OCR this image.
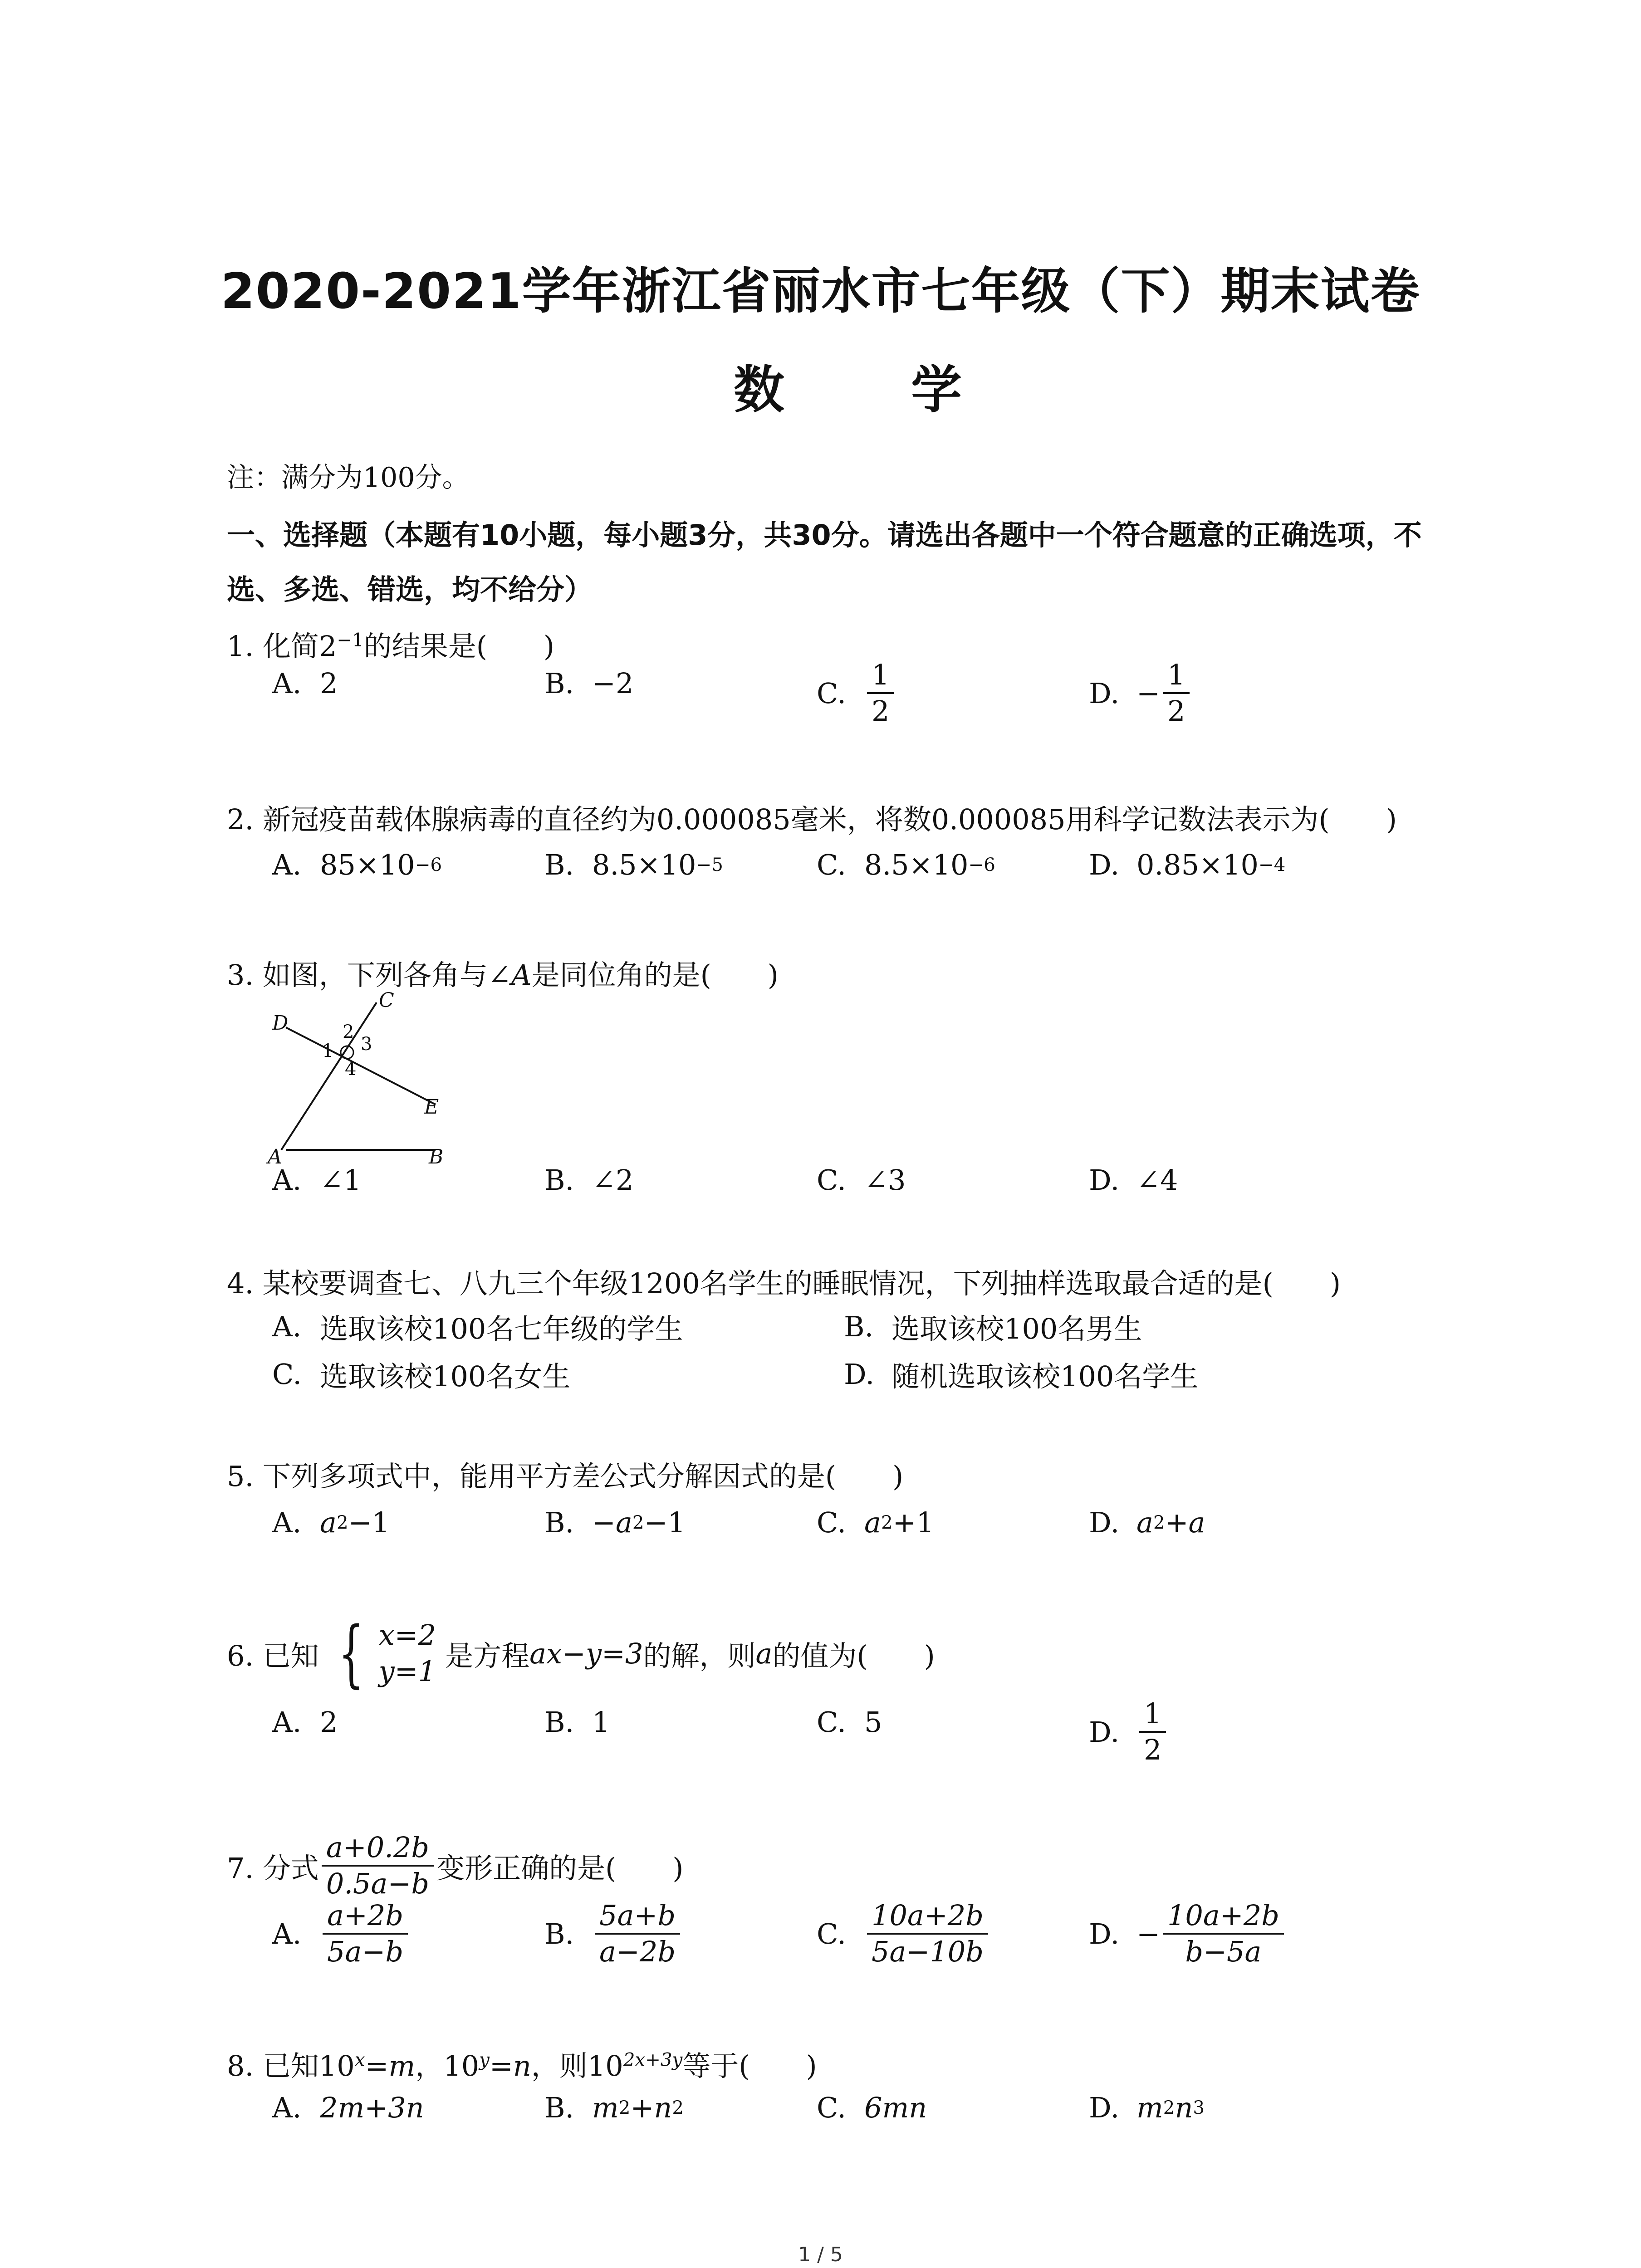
2020-2021学年浙江省丽水市七年级（下）期末试卷
数 学
注：满分为100分。
一、选择题（本题有10小题，每小题3分，共30分。请选出各题中一个符合题意的正确选项，不选、多选、错选，均不给分）
1. 化简$2^{-1}$的结果是(　　)
A. 2	B. −2	C. $\frac{1}{2}$	D. − $\frac{1}{2}$
2. 新冠疫苗载体腺病毒的直径约为0.000085毫米，将数0.000085用科学记数法表示为(　　)
A. 85×10 −6	B. 8.5×10 −5	C. 8.5×10 −6	D. 0.85×10 −4
3. 如图，下列各角与∠A是同位角的是(　　)
D
C
E
A	B
1
2
3
4
A. ∠1	B. ∠2	C. ∠3	D. ∠4
4. 某校要调查七、八九三个年级1200名学生的睡眠情况，下列抽样选取最合适的是(　　)
A. 选取该校100名七年级的学生	B. 选取该校100名男生
C. 选取该校100名女生	D. 随机选取该校100名学生
5. 下列多项式中，能用平方差公式分解因式的是(　　)
A. a 2 −1	B. −a 2 −1	C. a 2 +1	D. a 2 +a
6. 已知 { x=2
y=1 是方程 ax−y=3 的解，则 a 的值为(　　)
A. 2	B. 1	C. 5	D. $\frac{1}{2}$
7. 分式 $\frac{a+0.2b}{0.5a-b}$ 变形正确的是(　　)
A. $\frac{a+2b}{5a-b}$	B. $\frac{5a+b}{a-2b}$	C. $\frac{10a+2b}{5a-10b}$	D. − $\frac{10a+2b}{b-5a}$
8. 已知$10^x=m$，$10^y=n$，则$10^{2x+3y}$等于(　　)
A. 2m+3n	B. m 2 +n 2	C. 6mn	D. m 2 n 3
1 / 5
